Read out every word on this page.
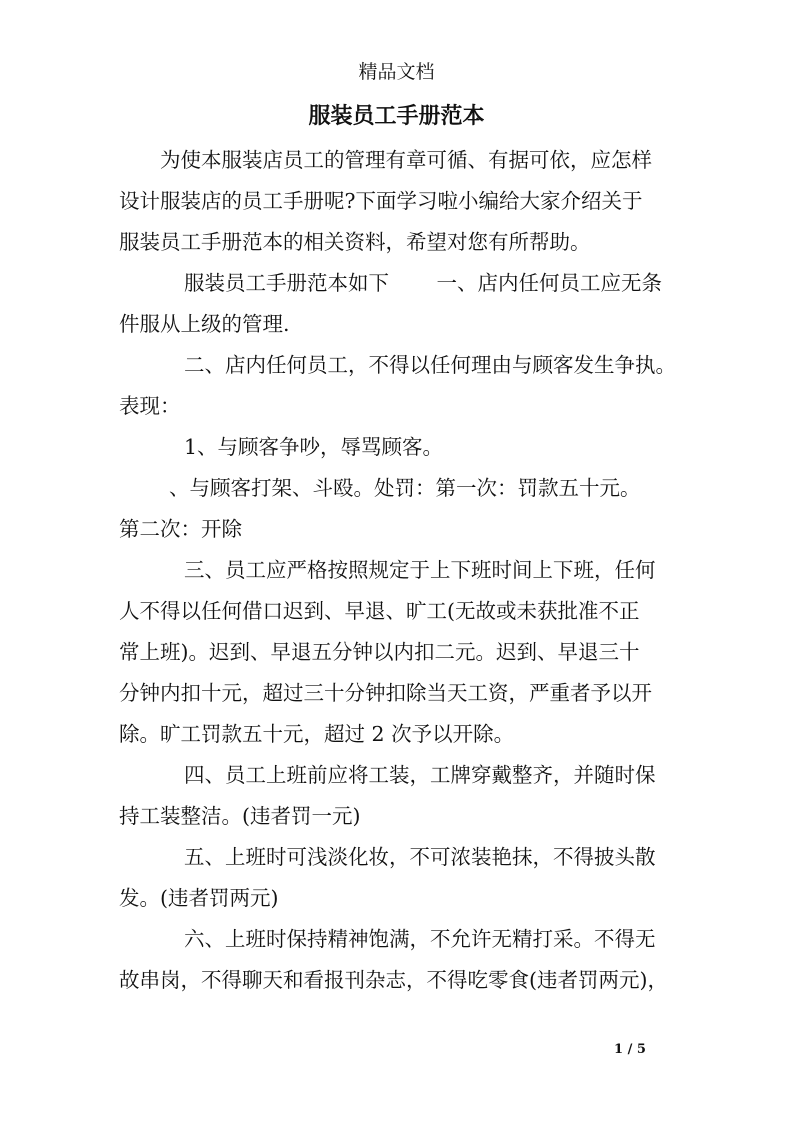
精品文档
服装员工手册范本
为使本服装店员工的管理有章可循、有据可依，应怎样
设计服装店的员工手册呢?下面学习啦小编给大家介绍关于
服装员工手册范本的相关资料，希望对您有所帮助。
服装员工手册范本如下　　 一、店内任何员工应无条
件服从上级的管理.
二、店内任何员工，不得以任何理由与顾客发生争执。
表现：
1、与顾客争吵，辱骂顾客。
、与顾客打架、斗殴。处罚：第一次：罚款五十元。
第二次：开除
三、员工应严格按照规定于上下班时间上下班，任何
人不得以任何借口迟到、早退、旷工(无故或未获批准不正
常上班)。迟到、早退五分钟以内扣二元。迟到、早退三十
分钟内扣十元，超过三十分钟扣除当天工资，严重者予以开
除。旷工罚款五十元，超过 2 次予以开除。
四、员工上班前应将工装，工牌穿戴整齐，并随时保
持工装整洁。(违者罚一元)
五、上班时可浅淡化妆，不可浓装艳抹，不得披头散
发。(违者罚两元)
六、上班时保持精神饱满，不允许无精打采。不得无
故串岗，不得聊天和看报刊杂志，不得吃零食(违者罚两元)，
1 / 5
